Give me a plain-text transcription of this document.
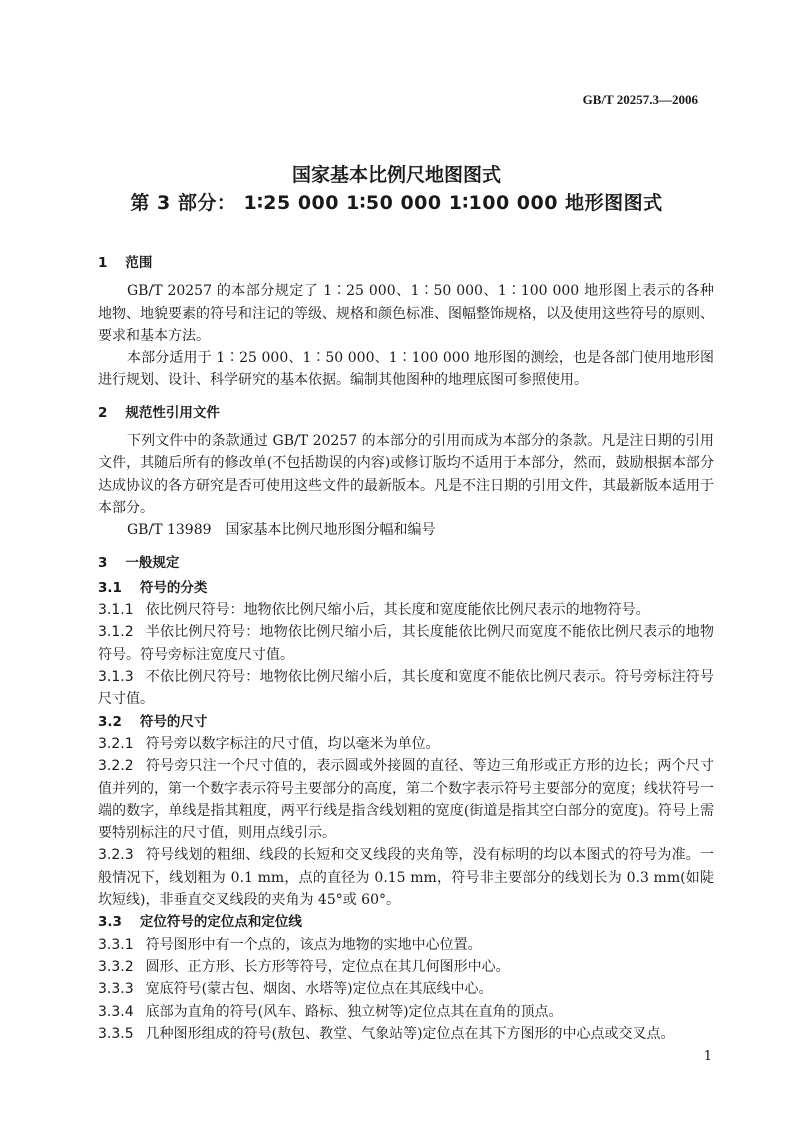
GB/T 20257.3—2006
国家基本比例尺地图图式
第 3 部分： 1∶25 000 1∶50 000 1∶100 000 地形图图式
1 范围
GB/T 20257 的本部分规定了 1∶25 000、1∶50 000、1∶100 000 地形图上表示的各种地物、地貌要素的符号和注记的等级、规格和颜色标准、图幅整饰规格，以及使用这些符号的原则、要求和基本方法。
本部分适用于 1∶25 000、1∶50 000、1∶100 000 地形图的测绘，也是各部门使用地形图进行规划、设计、科学研究的基本依据。编制其他图种的地理底图可参照使用。
2 规范性引用文件
下列文件中的条款通过 GB/T 20257 的本部分的引用而成为本部分的条款。凡是注日期的引用文件，其随后所有的修改单(不包括勘误的内容)或修订版均不适用于本部分，然而，鼓励根据本部分达成协议的各方研究是否可使用这些文件的最新版本。凡是不注日期的引用文件，其最新版本适用于本部分。
GB/T 13989　国家基本比例尺地形图分幅和编号
3 一般规定
3.1 符号的分类
3.1.1 依比例尺符号：地物依比例尺缩小后，其长度和宽度能依比例尺表示的地物符号。
3.1.2 半依比例尺符号：地物依比例尺缩小后，其长度能依比例尺而宽度不能依比例尺表示的地物符号。符号旁标注宽度尺寸值。
3.1.3 不依比例尺符号：地物依比例尺缩小后，其长度和宽度不能依比例尺表示。符号旁标注符号尺寸值。
3.2 符号的尺寸
3.2.1 符号旁以数字标注的尺寸值，均以毫米为单位。
3.2.2 符号旁只注一个尺寸值的，表示圆或外接圆的直径、等边三角形或正方形的边长；两个尺寸值并列的，第一个数字表示符号主要部分的高度，第二个数字表示符号主要部分的宽度；线状符号一端的数字，单线是指其粗度，两平行线是指含线划粗的宽度(街道是指其空白部分的宽度)。符号上需要特别标注的尺寸值，则用点线引示。
3.2.3 符号线划的粗细、线段的长短和交叉线段的夹角等，没有标明的均以本图式的符号为准。一般情况下，线划粗为 0.1 mm，点的直径为 0.15 mm，符号非主要部分的线划长为 0.3 mm(如陡坎短线)，非垂直交叉线段的夹角为 45°或 60°。
3.3 定位符号的定位点和定位线
3.3.1 符号图形中有一个点的，该点为地物的实地中心位置。
3.3.2 圆形、正方形、长方形等符号，定位点在其几何图形中心。
3.3.3 宽底符号(蒙古包、烟囱、水塔等)定位点在其底线中心。
3.3.4 底部为直角的符号(风车、路标、独立树等)定位点其在直角的顶点。
3.3.5 几种图形组成的符号(敖包、教堂、气象站等)定位点在其下方图形的中心点或交叉点。
1
